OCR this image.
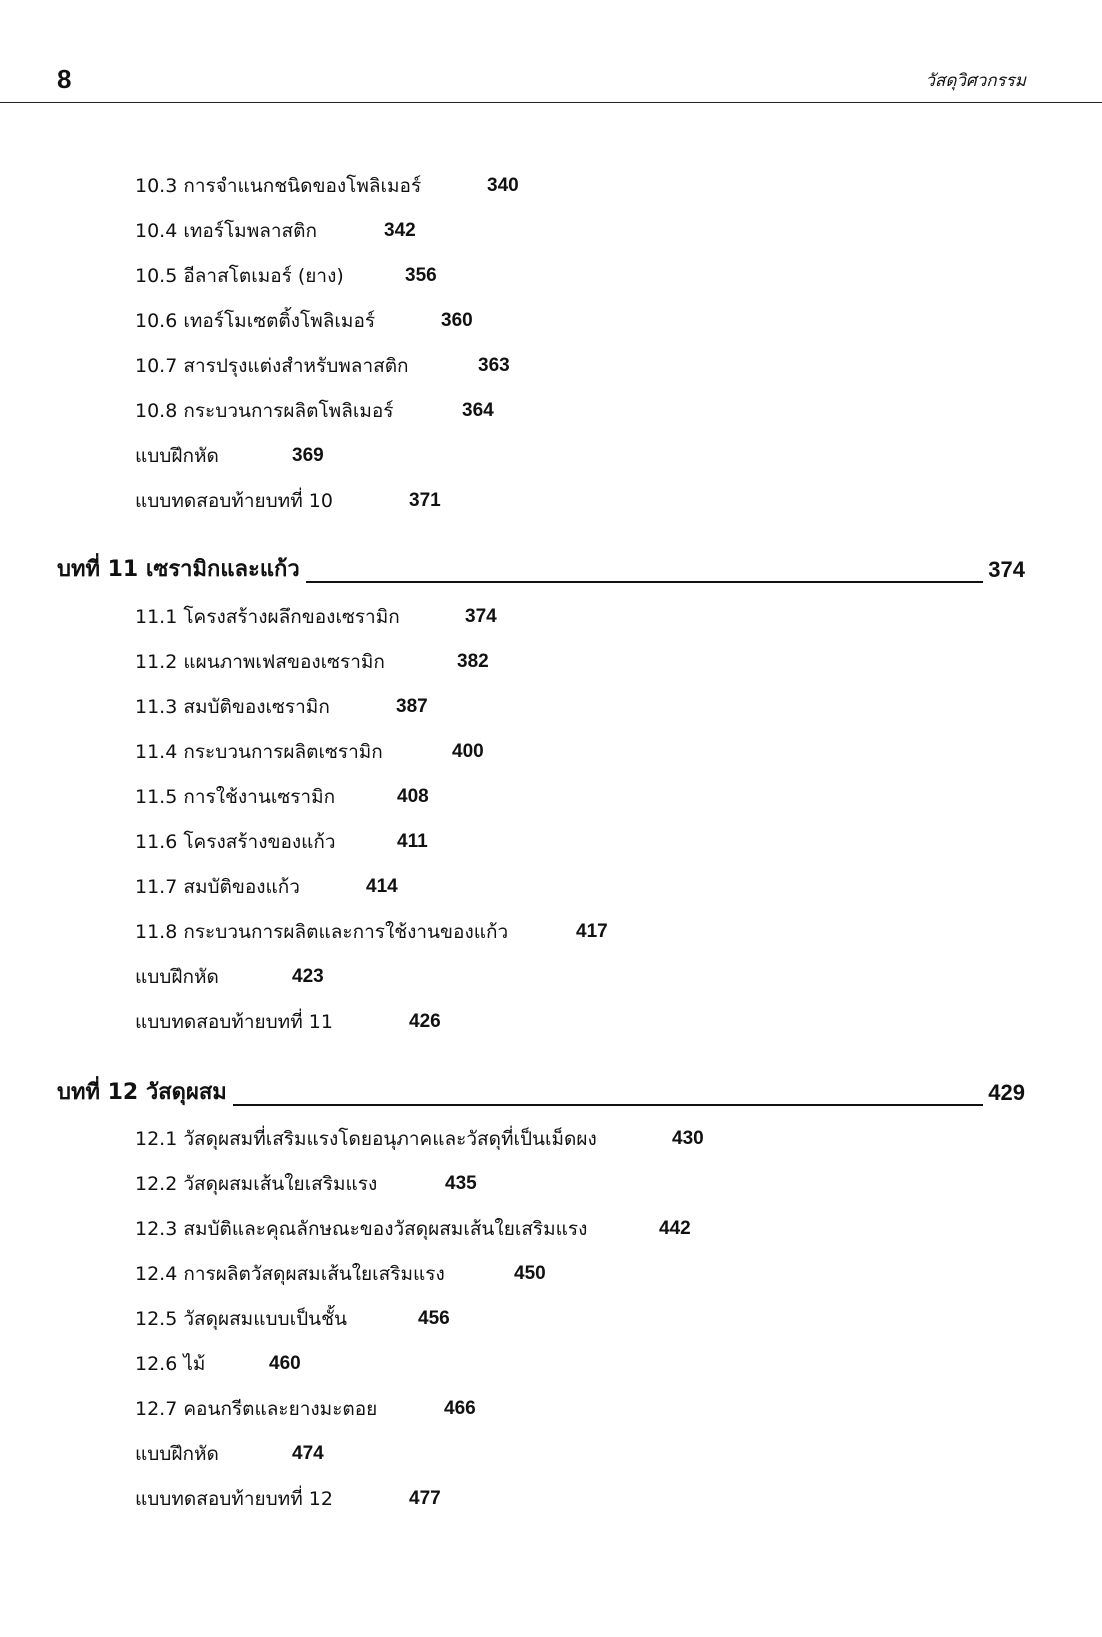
8	วัสดุวิศวกรรม
10.3 การจำแนกชนิดของโพลิเมอร์	340
10.4 เทอร์โมพลาสติก	342
10.5 อีลาสโตเมอร์ (ยาง)	356
10.6 เทอร์โมเซตติ้งโพลิเมอร์	360
10.7 สารปรุงแต่งสำหรับพลาสติก	363
10.8 กระบวนการผลิตโพลิเมอร์	364
แบบฝึกหัด	369
แบบทดสอบท้ายบทที่ 10	371
บทที่ 11 เซรามิกและแก้ว	374
11.1 โครงสร้างผลึกของเซรามิก	374
11.2 แผนภาพเฟสของเซรามิก	382
11.3 สมบัติของเซรามิก	387
11.4 กระบวนการผลิตเซรามิก	400
11.5 การใช้งานเซรามิก	408
11.6 โครงสร้างของแก้ว	411
11.7 สมบัติของแก้ว	414
11.8 กระบวนการผลิตและการใช้งานของแก้ว	417
แบบฝึกหัด	423
แบบทดสอบท้ายบทที่ 11	426
บทที่ 12 วัสดุผสม	429
12.1 วัสดุผสมที่เสริมแรงโดยอนุภาคและวัสดุที่เป็นเม็ดผง	430
12.2 วัสดุผสมเส้นใยเสริมแรง	435
12.3 สมบัติและคุณลักษณะของวัสดุผสมเส้นใยเสริมแรง	442
12.4 การผลิตวัสดุผสมเส้นใยเสริมแรง	450
12.5 วัสดุผสมแบบเป็นชั้น	456
12.6 ไม้	460
12.7 คอนกรีตและยางมะตอย	466
แบบฝึกหัด	474
แบบทดสอบท้ายบทที่ 12	477
